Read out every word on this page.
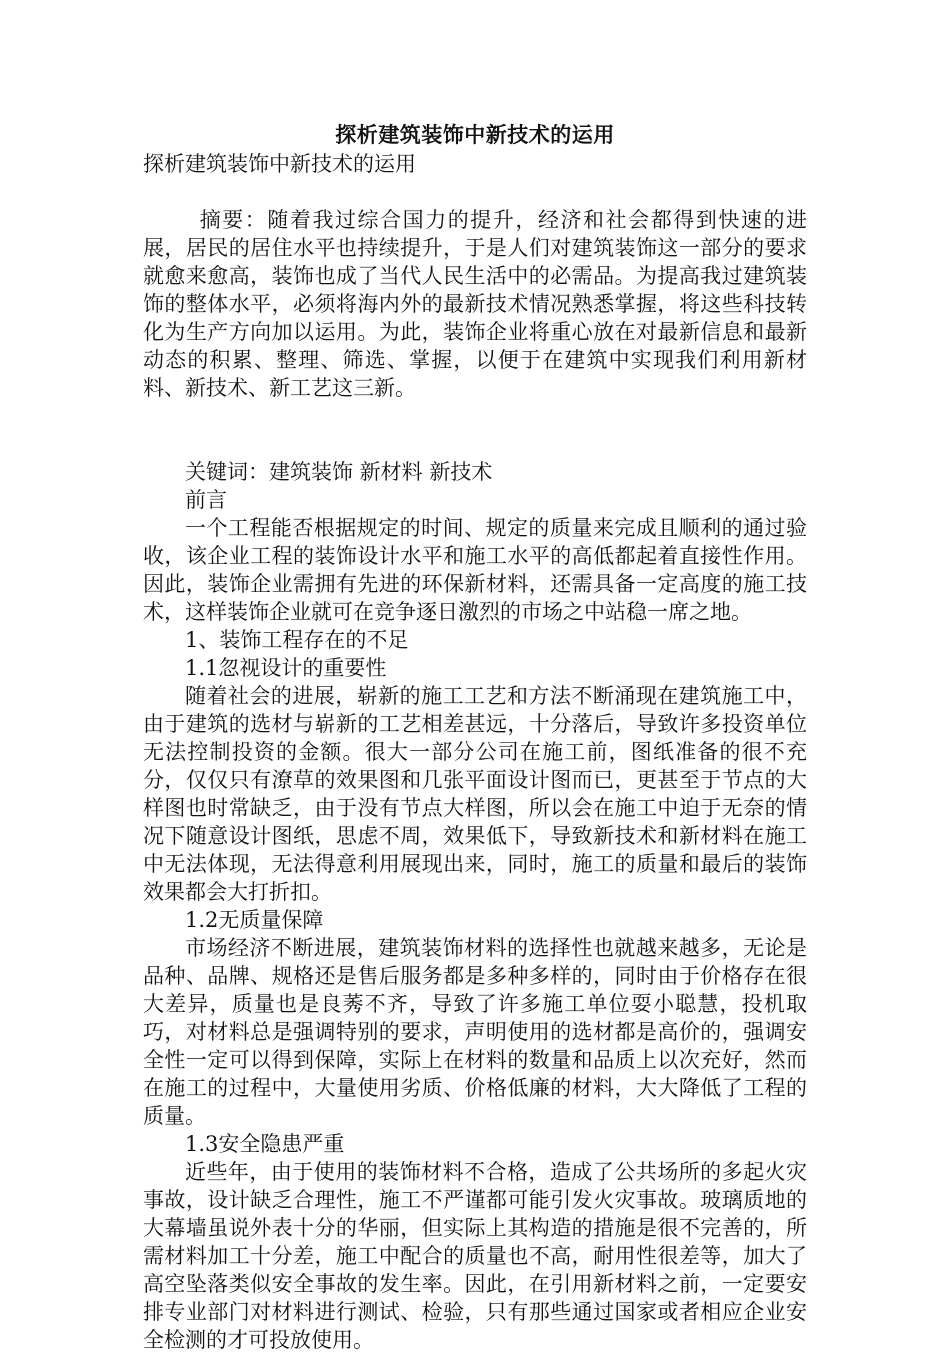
探析建筑装饰中新技术的运用

探析建筑装饰中新技术的运用

摘要：随着我过综合国力的提升，经济和社会都得到快速的进展，居民的居住水平也持续提升，于是人们对建筑装饰这一部分的要求就愈来愈高，装饰也成了当代人民生活中的必需品。为提高我过建筑装饰的整体水平，必须将海内外的最新技术情况熟悉掌握，将这些科技转化为生产方向加以运用。为此，装饰企业将重心放在对最新信息和最新动态的积累、整理、筛选、掌握，以便于在建筑中实现我们利用新材料、新技术、新工艺这三新。

关键词：建筑装饰 新材料 新技术

前言

一个工程能否根据规定的时间、规定的质量来完成且顺利的通过验收，该企业工程的装饰设计水平和施工水平的高低都起着直接性作用。因此，装饰企业需拥有先进的环保新材料，还需具备一定高度的施工技术，这样装饰企业就可在竞争逐日激烈的市场之中站稳一席之地。

1、装饰工程存在的不足

1.1忽视设计的重要性

随着社会的进展，崭新的施工工艺和方法不断涌现在建筑施工中，由于建筑的选材与崭新的工艺相差甚远，十分落后，导致许多投资单位无法控制投资的金额。很大一部分公司在施工前，图纸准备的很不充分，仅仅只有潦草的效果图和几张平面设计图而已，更甚至于节点的大样图也时常缺乏，由于没有节点大样图，所以会在施工中迫于无奈的情况下随意设计图纸，思虑不周，效果低下，导致新技术和新材料在施工中无法体现，无法得意利用展现出来，同时，施工的质量和最后的装饰效果都会大打折扣。

1.2无质量保障

市场经济不断进展，建筑装饰材料的选择性也就越来越多，无论是品种、品牌、规格还是售后服务都是多种多样的，同时由于价格存在很大差异，质量也是良莠不齐，导致了许多施工单位耍小聪慧，投机取巧，对材料总是强调特别的要求，声明使用的选材都是高价的，强调安全性一定可以得到保障，实际上在材料的数量和品质上以次充好，然而在施工的过程中，大量使用劣质、价格低廉的材料，大大降低了工程的质量。

1.3安全隐患严重

近些年，由于使用的装饰材料不合格，造成了公共场所的多起火灾事故，设计缺乏合理性，施工不严谨都可能引发火灾事故。玻璃质地的大幕墙虽说外表十分的华丽，但实际上其构造的措施是很不完善的，所需材料加工十分差，施工中配合的质量也不高，耐用性很差等，加大了高空坠落类似安全事故的发生率。因此，在引用新材料之前，一定要安排专业部门对材料进行测试、检验，只有那些通过国家或者相应企业安全检测的才可投放使用。
